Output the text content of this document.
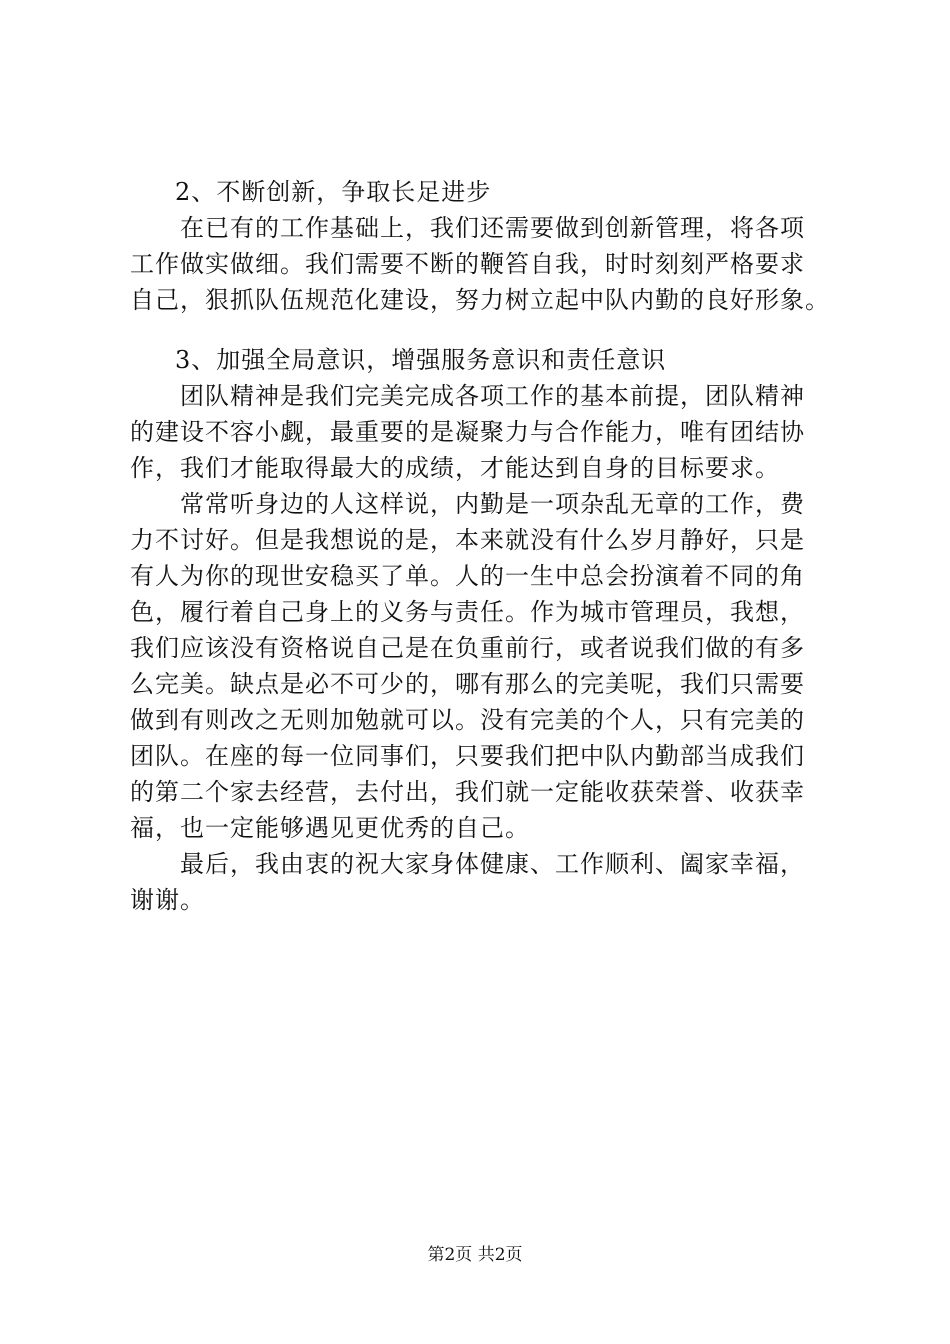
2、不断创新，争取长足进步
在已有的工作基础上，我们还需要做到创新管理，将各项
工作做实做细。我们需要不断的鞭笞自我，时时刻刻严格要求
自己，狠抓队伍规范化建设，努力树立起中队内勤的良好形象。
3、加强全局意识，增强服务意识和责任意识
团队精神是我们完美完成各项工作的基本前提，团队精神
的建设不容小觑，最重要的是凝聚力与合作能力，唯有团结协
作，我们才能取得最大的成绩，才能达到自身的目标要求。
常常听身边的人这样说，内勤是一项杂乱无章的工作，费
力不讨好。但是我想说的是，本来就没有什么岁月静好，只是
有人为你的现世安稳买了单。人的一生中总会扮演着不同的角
色，履行着自己身上的义务与责任。作为城市管理员，我想，
我们应该没有资格说自己是在负重前行，或者说我们做的有多
么完美。缺点是必不可少的，哪有那么的完美呢，我们只需要
做到有则改之无则加勉就可以。没有完美的个人，只有完美的
团队。在座的每一位同事们，只要我们把中队内勤部当成我们
的第二个家去经营，去付出，我们就一定能收获荣誉、收获幸
福，也一定能够遇见更优秀的自己。
最后，我由衷的祝大家身体健康、工作顺利、阖家幸福，
谢谢。
第2页 共2页
